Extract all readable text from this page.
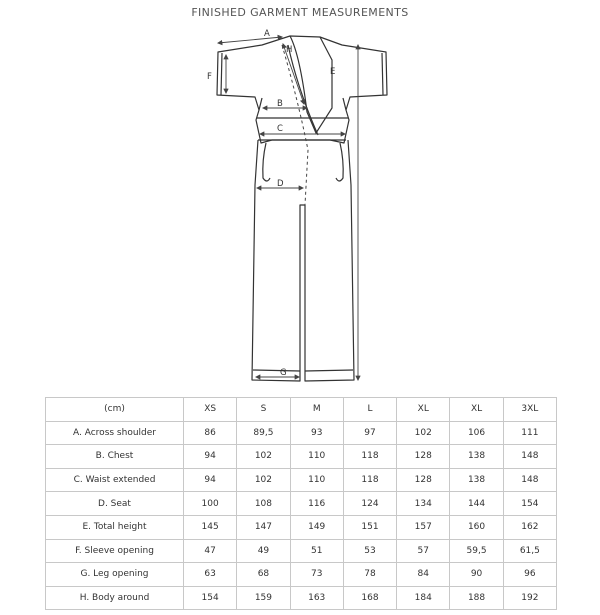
FINISHED GARMENT MEASUREMENTS
A
H
F	E
B
C
D
G
(cm)	XS	S	M	L	XL	XL	3XL
A. Across shoulder	86	89,5	93	97	102	106	111
B. Chest	94	102	110	118	128	138	148
C. Waist extended	94	102	110	118	128	138	148
D. Seat	100	108	116	124	134	144	154
E. Total height	145	147	149	151	157	160	162
F. Sleeve opening	47	49	51	53	57	59,5	61,5
G. Leg opening	63	68	73	78	84	90	96
H. Body around	154	159	163	168	184	188	192
